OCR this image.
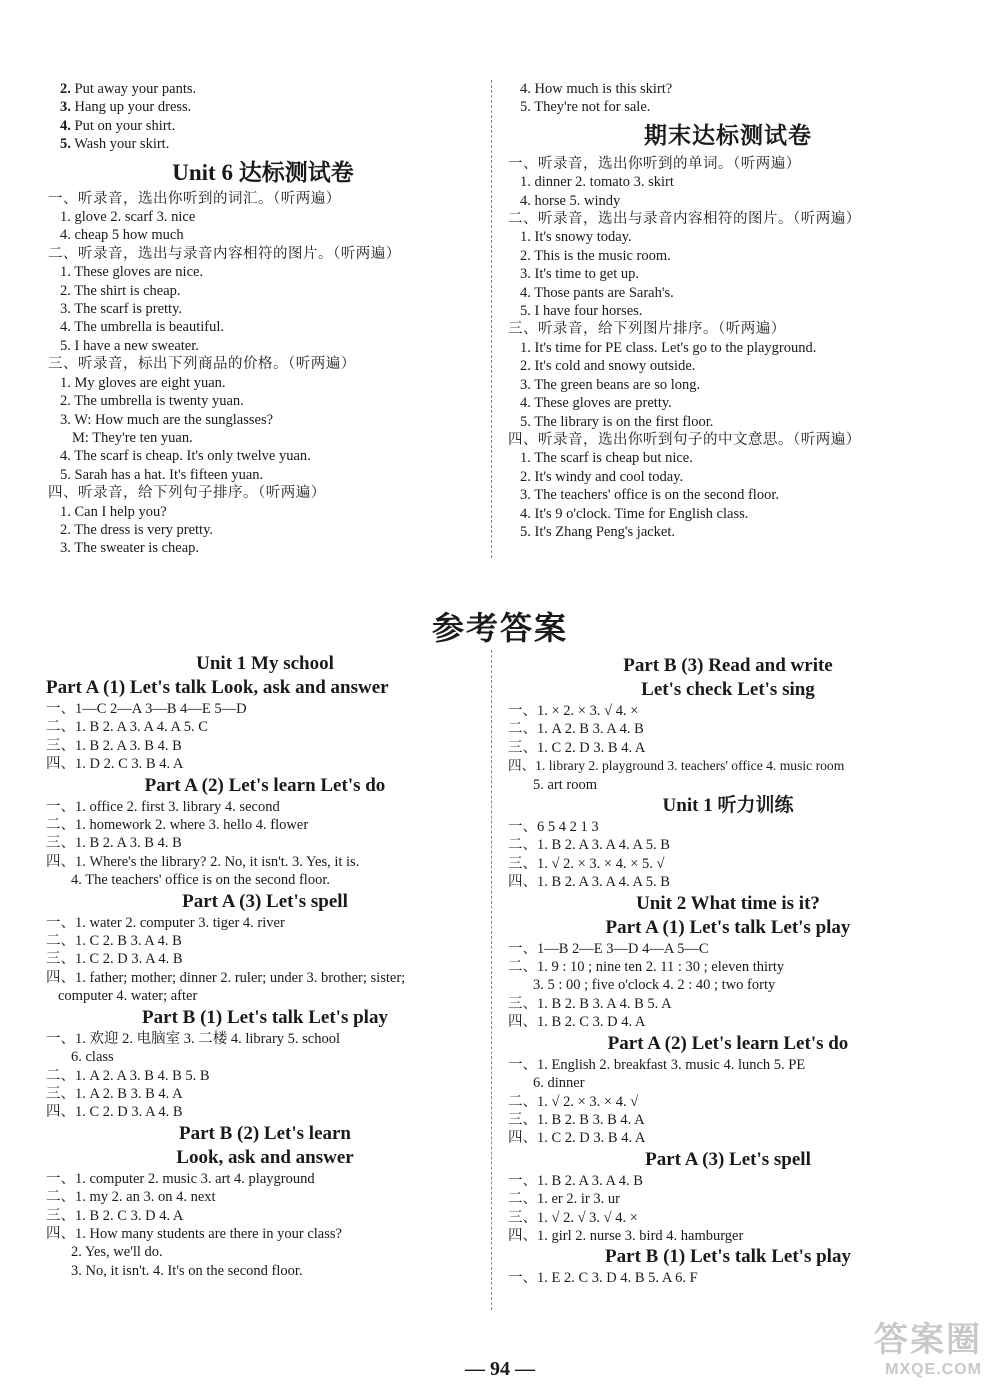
2. Put away your pants.
3. Hang up your dress.
4. Put on your shirt.
5. Wash your skirt.
Unit 6 达标测试卷
一、听录音，选出你听到的词汇。（听两遍）
1. glove 2. scarf 3. nice
4. cheap 5 how much
二、听录音，选出与录音内容相符的图片。（听两遍）
1. These gloves are nice.
2. The shirt is cheap.
3. The scarf is pretty.
4. The umbrella is beautiful.
5. I have a new sweater.
三、听录音，标出下列商品的价格。（听两遍）
1. My gloves are eight yuan.
2. The umbrella is twenty yuan.
3. W: How much are the sunglasses?
M: They're ten yuan.
4. The scarf is cheap. It's only twelve yuan.
5. Sarah has a hat. It's fifteen yuan.
四、听录音，给下列句子排序。（听两遍）
1. Can I help you?
2. The dress is very pretty.
3. The sweater is cheap.
4. How much is this skirt?
5. They're not for sale.
期末达标测试卷
一、听录音，选出你听到的单词。（听两遍）
1. dinner 2. tomato 3. skirt
4. horse 5. windy
二、听录音，选出与录音内容相符的图片。（听两遍）
1. It's snowy today.
2. This is the music room.
3. It's time to get up.
4. Those pants are Sarah's.
5. I have four horses.
三、听录音，给下列图片排序。（听两遍）
1. It's time for PE class. Let's go to the playground.
2. It's cold and snowy outside.
3. The green beans are so long.
4. These gloves are pretty.
5. The library is on the first floor.
四、听录音，选出你听到句子的中文意思。（听两遍）
1. The scarf is cheap but nice.
2. It's windy and cool today.
3. The teachers' office is on the second floor.
4. It's 9 o'clock. Time for English class.
5. It's Zhang Peng's jacket.
参考答案
Unit 1 My school
Part A (1) Let's talk Look, ask and answer
一、1—C 2—A 3—B 4—E 5—D
二、1. B 2. A 3. A 4. A 5. C
三、1. B 2. A 3. B 4. B
四、1. D 2. C 3. B 4. A
Part A (2) Let's learn Let's do
一、1. office 2. first 3. library 4. second
二、1. homework 2. where 3. hello 4. flower
三、1. B 2. A 3. B 4. B
四、1. Where's the library? 2. No, it isn't. 3. Yes, it is.
4. The teachers' office is on the second floor.
Part A (3) Let's spell
一、1. water 2. computer 3. tiger 4. river
二、1. C 2. B 3. A 4. B
三、1. C 2. D 3. A 4. B
四、1. father; mother; dinner 2. ruler; under 3. brother; sister;
computer 4. water; after
Part B (1) Let's talk Let's play
一、1. 欢迎 2. 电脑室 3. 二楼 4. library 5. school
6. class
二、1. A 2. A 3. B 4. B 5. B
三、1. A 2. B 3. B 4. A
四、1. C 2. D 3. A 4. B
Part B (2) Let's learn
Look, ask and answer
一、1. computer 2. music 3. art 4. playground
二、1. my 2. an 3. on 4. next
三、1. B 2. C 3. D 4. A
四、1. How many students are there in your class?
2. Yes, we'll do.
3. No, it isn't. 4. It's on the second floor.
Part B (3) Read and write
Let's check Let's sing
一、1. × 2. × 3. √ 4. ×
二、1. A 2. B 3. A 4. B
三、1. C 2. D 3. B 4. A
四、1. library 2. playground 3. teachers' office 4. music room
5. art room
Unit 1 听力训练
一、6 5 4 2 1 3
二、1. B 2. A 3. A 4. A 5. B
三、1. √ 2. × 3. × 4. × 5. √
四、1. B 2. A 3. A 4. A 5. B
Unit 2 What time is it?
Part A (1) Let's talk Let's play
一、1—B 2—E 3—D 4—A 5—C
二、1. 9 : 10 ; nine ten 2. 11 : 30 ; eleven thirty
3. 5 : 00 ; five o'clock 4. 2 : 40 ; two forty
三、1. B 2. B 3. A 4. B 5. A
四、1. B 2. C 3. D 4. A
Part A (2) Let's learn Let's do
一、1. English 2. breakfast 3. music 4. lunch 5. PE
6. dinner
二、1. √ 2. × 3. × 4. √
三、1. B 2. B 3. B 4. A
四、1. C 2. D 3. B 4. A
Part A (3) Let's spell
一、1. B 2. A 3. A 4. B
二、1. er 2. ir 3. ur
三、1. √ 2. √ 3. √ 4. ×
四、1. girl 2. nurse 3. bird 4. hamburger
Part B (1) Let's talk Let's play
一、1. E 2. C 3. D 4. B 5. A 6. F
— 94 —
答案圈
MXQE.COM
